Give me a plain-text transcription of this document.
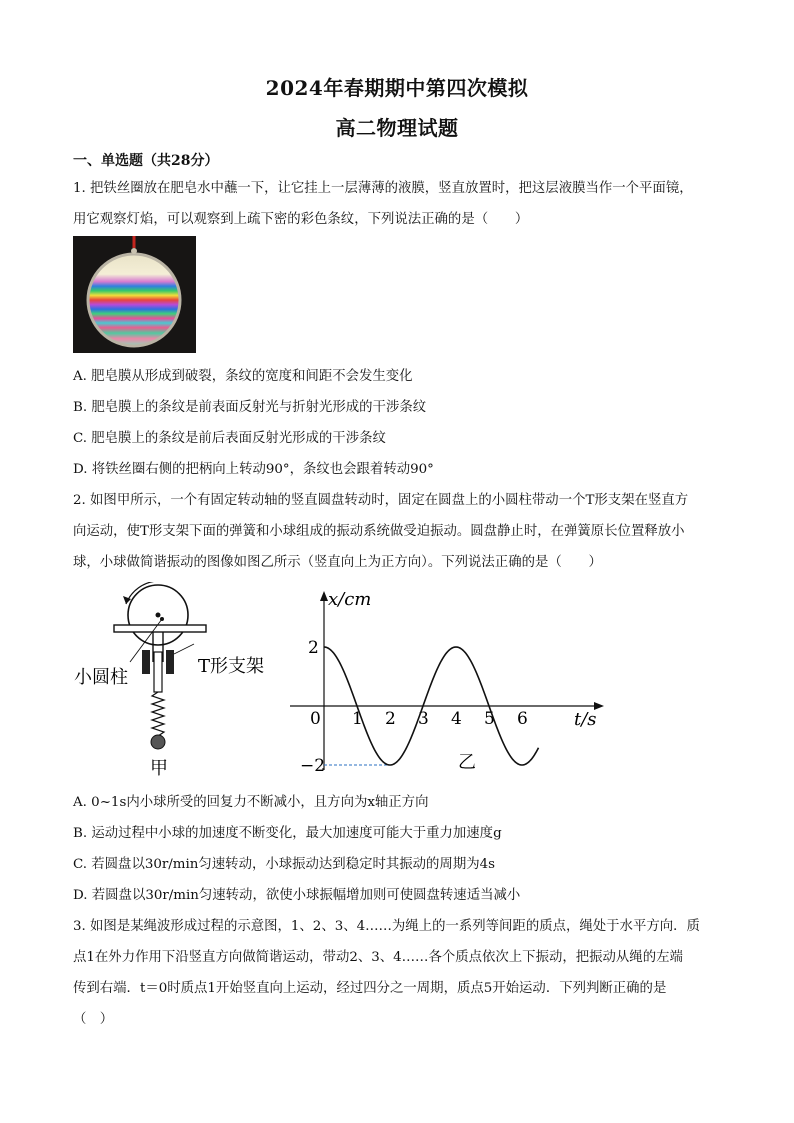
2024年春期期中第四次模拟
高二物理试题
一、单选题（共28分）
1. 把铁丝圈放在肥皂水中蘸一下，让它挂上一层薄薄的液膜，竖直放置时，把这层液膜当作一个平面镜，
用它观察灯焰，可以观察到上疏下密的彩色条纹，下列说法正确的是（　　）
A. 肥皂膜从形成到破裂，条纹的宽度和间距不会发生变化
B. 肥皂膜上的条纹是前表面反射光与折射光形成的干涉条纹
C. 肥皂膜上的条纹是前后表面反射光形成的干涉条纹
D. 将铁丝圈右侧的把柄向上转动90°，条纹也会跟着转动90°
2. 如图甲所示，一个有固定转动轴的竖直圆盘转动时，固定在圆盘上的小圆柱带动一个T形支架在竖直方
向运动，使T形支架下面的弹簧和小球组成的振动系统做受迫振动。圆盘静止时，在弹簧原长位置释放小
球，小球做简谐振动的图像如图乙所示（竖直向上为正方向）。下列说法正确的是（　　）
小圆柱
T形支架
甲
x/cm
t/s
乙
0 1 2 3 4 5 6
2
−2
A. 0~1s内小球所受的回复力不断减小，且方向为x轴正方向
B. 运动过程中小球的加速度不断变化，最大加速度可能大于重力加速度g
C. 若圆盘以30r/min匀速转动，小球振动达到稳定时其振动的周期为4s
D. 若圆盘以30r/min匀速转动，欲使小球振幅增加则可使圆盘转速适当减小
3. 如图是某绳波形成过程的示意图，1、2、3、4……为绳上的一系列等间距的质点，绳处于水平方向．质
点1在外力作用下沿竖直方向做简谐运动，带动2、3、4……各个质点依次上下振动，把振动从绳的左端
传到右端．t＝0时质点1开始竖直向上运动，经过四分之一周期，质点5开始运动．下列判断正确的是
（　）
